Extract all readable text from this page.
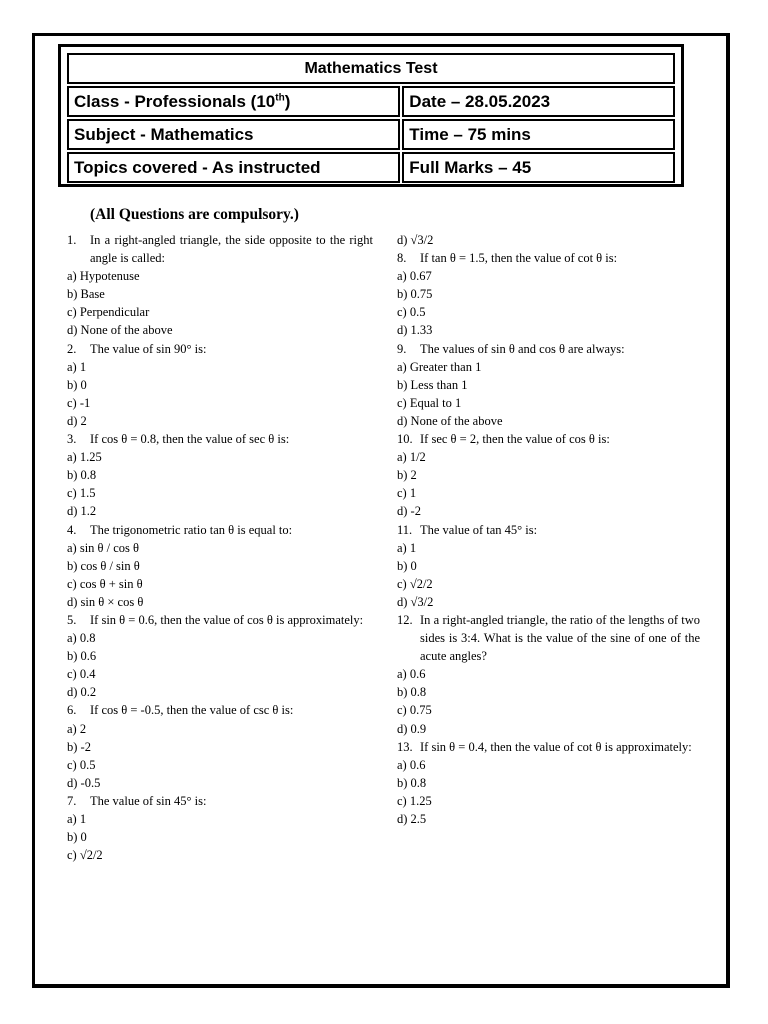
Mathematics Test	
Class - Professionals (10th)	Date – 28.05.2023
Subject - Mathematics	Time – 75 mins
Topics covered - As instructed	Full Marks – 45
(All Questions are compulsory.)
1. In a right-angled triangle, the side opposite to the right angle is called:
a) Hypotenuse
b) Base
c) Perpendicular
d) None of the above
2. The value of sin 90° is:
a) 1
b) 0
c) -1
d) 2
3. If cos θ = 0.8, then the value of sec θ is:
a) 1.25
b) 0.8
c) 1.5
d) 1.2
4. The trigonometric ratio tan θ is equal to:
a) sin θ / cos θ
b) cos θ / sin θ
c) cos θ + sin θ
d) sin θ × cos θ
5. If sin θ = 0.6, then the value of cos θ is approximately:
a) 0.8
b) 0.6
c) 0.4
d) 0.2
6. If cos θ = -0.5, then the value of csc θ is:
a) 2
b) -2
c) 0.5
d) -0.5
7. The value of sin 45° is:
a) 1
b) 0
c) √2/2
d) √3/2
8. If tan θ = 1.5, then the value of cot θ is:
a) 0.67
b) 0.75
c) 0.5
d) 1.33
9. The values of sin θ and cos θ are always:
a) Greater than 1
b) Less than 1
c) Equal to 1
d) None of the above
10. If sec θ = 2, then the value of cos θ is:
a) 1/2
b) 2
c) 1
d) -2
11. The value of tan 45° is:
a) 1
b) 0
c) √2/2
d) √3/2
12. In a right-angled triangle, the ratio of the lengths of two sides is 3:4. What is the value of the sine of one of the acute angles?
a) 0.6
b) 0.8
c) 0.75
d) 0.9
13. If sin θ = 0.4, then the value of cot θ is approximately:
a) 0.6
b) 0.8
c) 1.25
d) 2.5
